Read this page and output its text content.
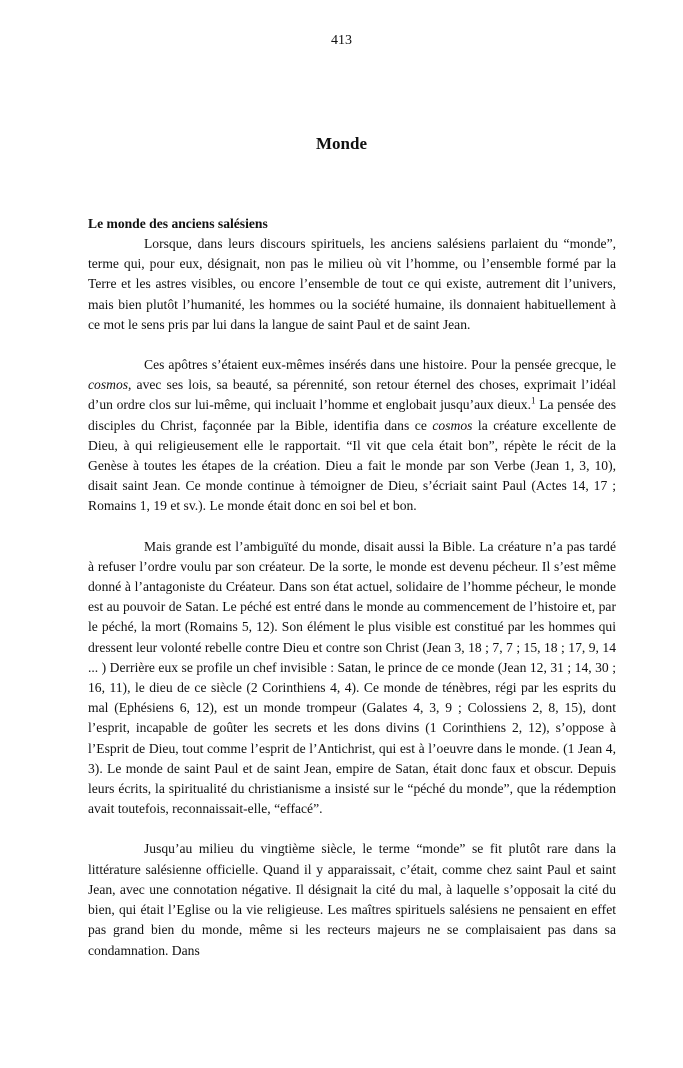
413
Monde

Le monde des anciens salésiens

Lorsque, dans leurs discours spirituels, les anciens salésiens parlaient du “monde”, terme qui, pour eux, désignait, non pas le milieu où vit l’homme, ou l’ensemble formé par la Terre et les astres visibles, ou encore l’ensemble de tout ce qui existe, autrement dit l’univers, mais bien plutôt l’humanité, les hommes ou la société humaine, ils donnaient habituellement à ce mot le sens pris par lui dans la langue de saint Paul et de saint Jean.

Ces apôtres s’étaient eux-mêmes insérés dans une histoire. Pour la pensée grecque, le cosmos, avec ses lois, sa beauté, sa pérennité, son retour éternel des choses, exprimait l’idéal d’un ordre clos sur lui-même, qui incluait l’homme et englobait jusqu’aux dieux.$^1$ La pensée des disciples du Christ, façonnée par la Bible, identifia dans ce cosmos la créature excellente de Dieu, à qui religieusement elle le rapportait. “Il vit que cela était bon”, répète le récit de la Genèse à toutes les étapes de la création. Dieu a fait le monde par son Verbe (Jean 1, 3, 10), disait saint Jean. Ce monde continue à témoigner de Dieu, s’écriait saint Paul (Actes 14, 17 ; Romains 1, 19 et sv.). Le monde était donc en soi bel et bon.

Mais grande est l’ambiguïté du monde, disait aussi la Bible. La créature n’a pas tardé à refuser l’ordre voulu par son créateur. De la sorte, le monde est devenu pécheur. Il s’est même donné à l’antagoniste du Créateur. Dans son état actuel, solidaire de l’homme pécheur, le monde est au pouvoir de Satan. Le péché est entré dans le monde au commencement de l’histoire et, par le péché, la mort (Romains 5, 12). Son élément le plus visible est constitué par les hommes qui dressent leur volonté rebelle contre Dieu et contre son Christ (Jean 3, 18 ; 7, 7 ; 15, 18 ; 17, 9, 14 ... ) Derrière eux se profile un chef invisible : Satan, le prince de ce monde (Jean 12, 31 ; 14, 30 ; 16, 11), le dieu de ce siècle (2 Corinthiens 4, 4). Ce monde de ténèbres, régi par les esprits du mal (Ephésiens 6, 12), est un monde trompeur (Galates 4, 3, 9 ; Colossiens 2, 8, 15), dont l’esprit, incapable de goûter les secrets et les dons divins (1 Corinthiens 2, 12), s’oppose à l’Esprit de Dieu, tout comme l’esprit de l’Antichrist, qui est à l’oeuvre dans le monde. (1 Jean 4, 3). Le monde de saint Paul et de saint Jean, empire de Satan, était donc faux et obscur. Depuis leurs écrits, la spiritualité du christianisme a insisté sur le “péché du monde”, que la rédemption avait toutefois, reconnaissait-elle, “effacé”.

Jusqu’au milieu du vingtième siècle, le terme “monde” se fit plutôt rare dans la littérature salésienne officielle. Quand il y apparaissait, c’était, comme chez saint Paul et saint Jean, avec une connotation négative. Il désignait la cité du mal, à laquelle s’opposait la cité du bien, qui était l’Eglise ou la vie religieuse. Les maîtres spirituels salésiens ne pensaient en effet pas grand bien du monde, même si les recteurs majeurs ne se complaisaient pas dans sa condamnation. Dans
